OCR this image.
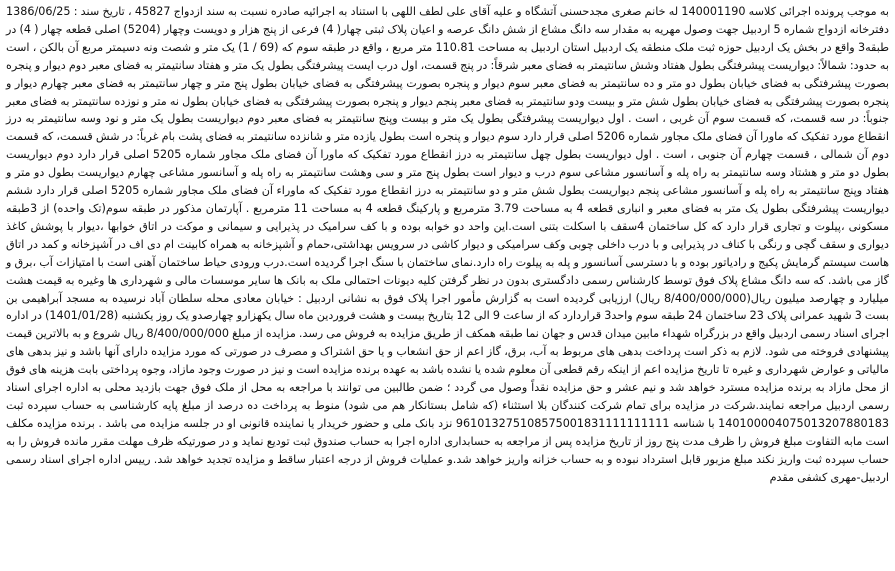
به موجب پرونده اجرائی کلاسه 140001190 له خانم صغری مجدحسنی آتشگاه و علیه آقای علی لطف اللهی با استناد به اجرائیه صادره نسبت به سند ازدواج 45827 ، تاریخ سند : 1386/06/25 دفترخانه ازدواج شماره 5 اردبیل جهت وصول مهریه به مقدار سه دانگ مشاع از شش دانگ عرصه و اعیان پلاک ثبتی چهار( 4) فرعی از پنج هزار و دویست وچهار (5204) اصلی قطعه چهار ( 4) در طبقه3 واقع در بخش یک اردبیل حوزه ثبت ملک منطقه یک اردبیل استان اردبیل به مساحت 110.81 متر مربع ، واقع در طبقه سوم که (69 / 1) یک متر و شصت ونه دسیمتر مربع آن بالکن ، است به حدود: شمالاً: دیواریست پیشرفتگی بطول هفتاد وشش سانتیمتر به فضای معبر شرقاً: در پنج قسمت، اول درب ایست پیشرفتگی بطول یک متر و هفتاد سانتیمتر به فضای معبر دوم دیوار و پنجره بصورت پیشرفتگی به فضای خیابان بطول دو متر و ده سانتیمتر به فضای معبر سوم دیوار و پنجره بصورت پیشرفتگی به فضای خیابان بطول پنج متر و چهار سانتیمتر به فضای معبر چهارم دیوار و پنجره بصورت پیشرفتگی به فضای خیابان بطول شش متر و بیست ودو سانتیمتر به فضای معبر پنجم دیوار و پنجره بصورت پیشرفتگی به فضای خیابان بطول نه متر و نوزده سانتیمتر به فضای معبر جنوباً: در سه قسمت، که قسمت سوم آن غربی ، است . اول دیواریست پیشرفتگی بطول یک متر و بیست وپنج سانتیمتر به فضای معبر دوم دیواریست بطول یک متر و نود وسه سانتیمتر به درز انقطاع مورد تفکیک که ماورا آن فضای ملک مجاور شماره 5206 اصلی قرار دارد سوم دیوار و پنجره است بطول یازده متر و شانزده سانتیمتر به فضای پشت بام غرباً: در شش قسمت، که قسمت دوم آن شمالی ، قسمت چهارم آن جنوبی ، است . اول دیواریست بطول چهل سانتیمتر به درز انقطاع مورد تفکیک که ماورا آن فضای ملک مجاور شماره 5205 اصلی قرار دارد دوم دیواریست بطول دو متر و هشتاد وسه سانتیمتر به راه پله و آسانسور مشاعی سوم درب و دیوار است بطول پنج متر و سی وهشت سانتیمتر به راه پله و آسانسور مشاعی چهارم دیواریست بطول دو متر و هفتاد وپنج سانتیمتر به راه پله و آسانسور مشاعی پنجم دیواریست بطول شش متر و دو سانتیمتر به درز انقطاع مورد تفکیک که ماوراء آن فضای ملک مجاور شماره 5205 اصلی قرار دارد ششم دیواریست پیشرفتگی بطول یک متر به فضای معبر و انباری قطعه 4 به مساحت 3.79 مترمربع و پارکینگ قطعه 4 به مساحت 11 مترمربع . آپارتمان مذکور در طبقه سوم(تک واحده) از 3طبقه مسکونی ،پیلوت و تجاری قرار دارد که کل ساختمان 4سقف با اسکلت بتنی است.این واحد دو خوابه بوده و با کف سرامیک در پذیرایی و سیمانی و موکت در اتاق خوابها ،دیوار با پوشش کاغذ دیواری و سقف گچی و رنگی با کناف در پذیرایی و با درب داخلی چوبی وکف سرامیکی و دیوار کاشی در سرویس بهداشتی،حمام و آشپزخانه به همراه کابینت ام دی اف در آشپزخانه و کمد در اتاق هاست سیستم گرمایش پکیج و رادیاتور بوده و با دسترسی آسانسور و پله به پیلوت راه دارد.نمای ساختمان با سنگ اجرا گردیده است.درب ورودی حیاط ساختمان آهنی است با امتیازات آب ،برق و گاز می باشد. که سه دانگ مشاع پلاک فوق توسط کارشناس رسمی دادگستری بدون در نظر گرفتن کلیه دیونات احتمالی ملک به بانک ها سایر موسسات مالی و شهرداری ها وغیره به قیمت هشت میلیارد و چهارصد میلیون ریال(8/400/000/000 ریال) ارزیابی گردیده است به گزارش مأمور اجرا پلاک فوق به نشانی اردبیل : خیابان معادی محله سلطان آباد نرسیده به مسجد آبراهیمی بن بست 3 شهید عمرانی پلاک 23 ساختمان 24 طبقه سوم واحد3 قراردارد که از ساعت 9 الی 12 بتاریخ بیست و هشت فروردین ماه سال یکهزارو چهارصدو یک روز یکشنبه (1401/01/28) در اداره اجرای اسناد رسمی اردبیل واقع در بزرگراه شهداء مابین میدان قدس و جهان نما طبقه همکف از طریق مزایده به فروش می رسد. مزایده از مبلغ 8/400/000/000 ریال شروع و به بالاترین قیمت پیشنهادی فروخته می شود. لازم به ذکر است پرداخت بدهی های مربوط به آب، برق، گاز اعم از حق انشعاب و یا حق اشتراک و مصرف در صورتی که مورد مزایده دارای آنها باشد و نیز بدهی های مالیاتی و عوارض شهرداری و غیره تا تاریخ مزایده اعم از اینکه رقم قطعی آن معلوم شده یا نشده باشد به عهده برنده مزایده است و نیز در صورت وجود مازاد، وجوه پرداختی بابت هزینه های فوق از محل مازاد به برنده مزایده مسترد خواهد شد و نیم عشر و حق مزایده نقداً وصول می گردد ؛ ضمن طالبین می توانند با مراجعه به محل از ملک فوق جهت بازدید محلی به اداره اجرای اسناد رسمی اردبیل مراجعه نمایند.شرکت در مزایده برای تمام شرکت کنندگان بلا استثناء (که شامل بستانکار هم می شود) منوط به پرداخت ده درصد از مبلغ پایه کارشناسی به حساب سپرده ثبت 140100004075013207880183 با شناسه 961013275108575001831111111111 نزد بانک ملی و حضور خریدار یا نماینده قانونی او در جلسه مزایده می باشد . برنده مزایده مکلف است مابه التفاوت مبلغ فروش را ظرف مدت پنج روز از تاریخ مزایده پس از مراجعه به حسابداری اداره اجرا به حساب صندوق ثبت تودیع نماید و در صورتیکه ظرف مهلت مقرر مانده فروش را به حساب سپرده ثبت واریز نکند مبلغ مزبور قابل استرداد نبوده و به حساب خزانه واریز خواهد شد.و عملیات فروش از درجه اعتبار ساقط و مزایده تجدید خواهد شد. رییس اداره اجرای اسناد رسمی اردبیل-مهری کشفی مقدم
